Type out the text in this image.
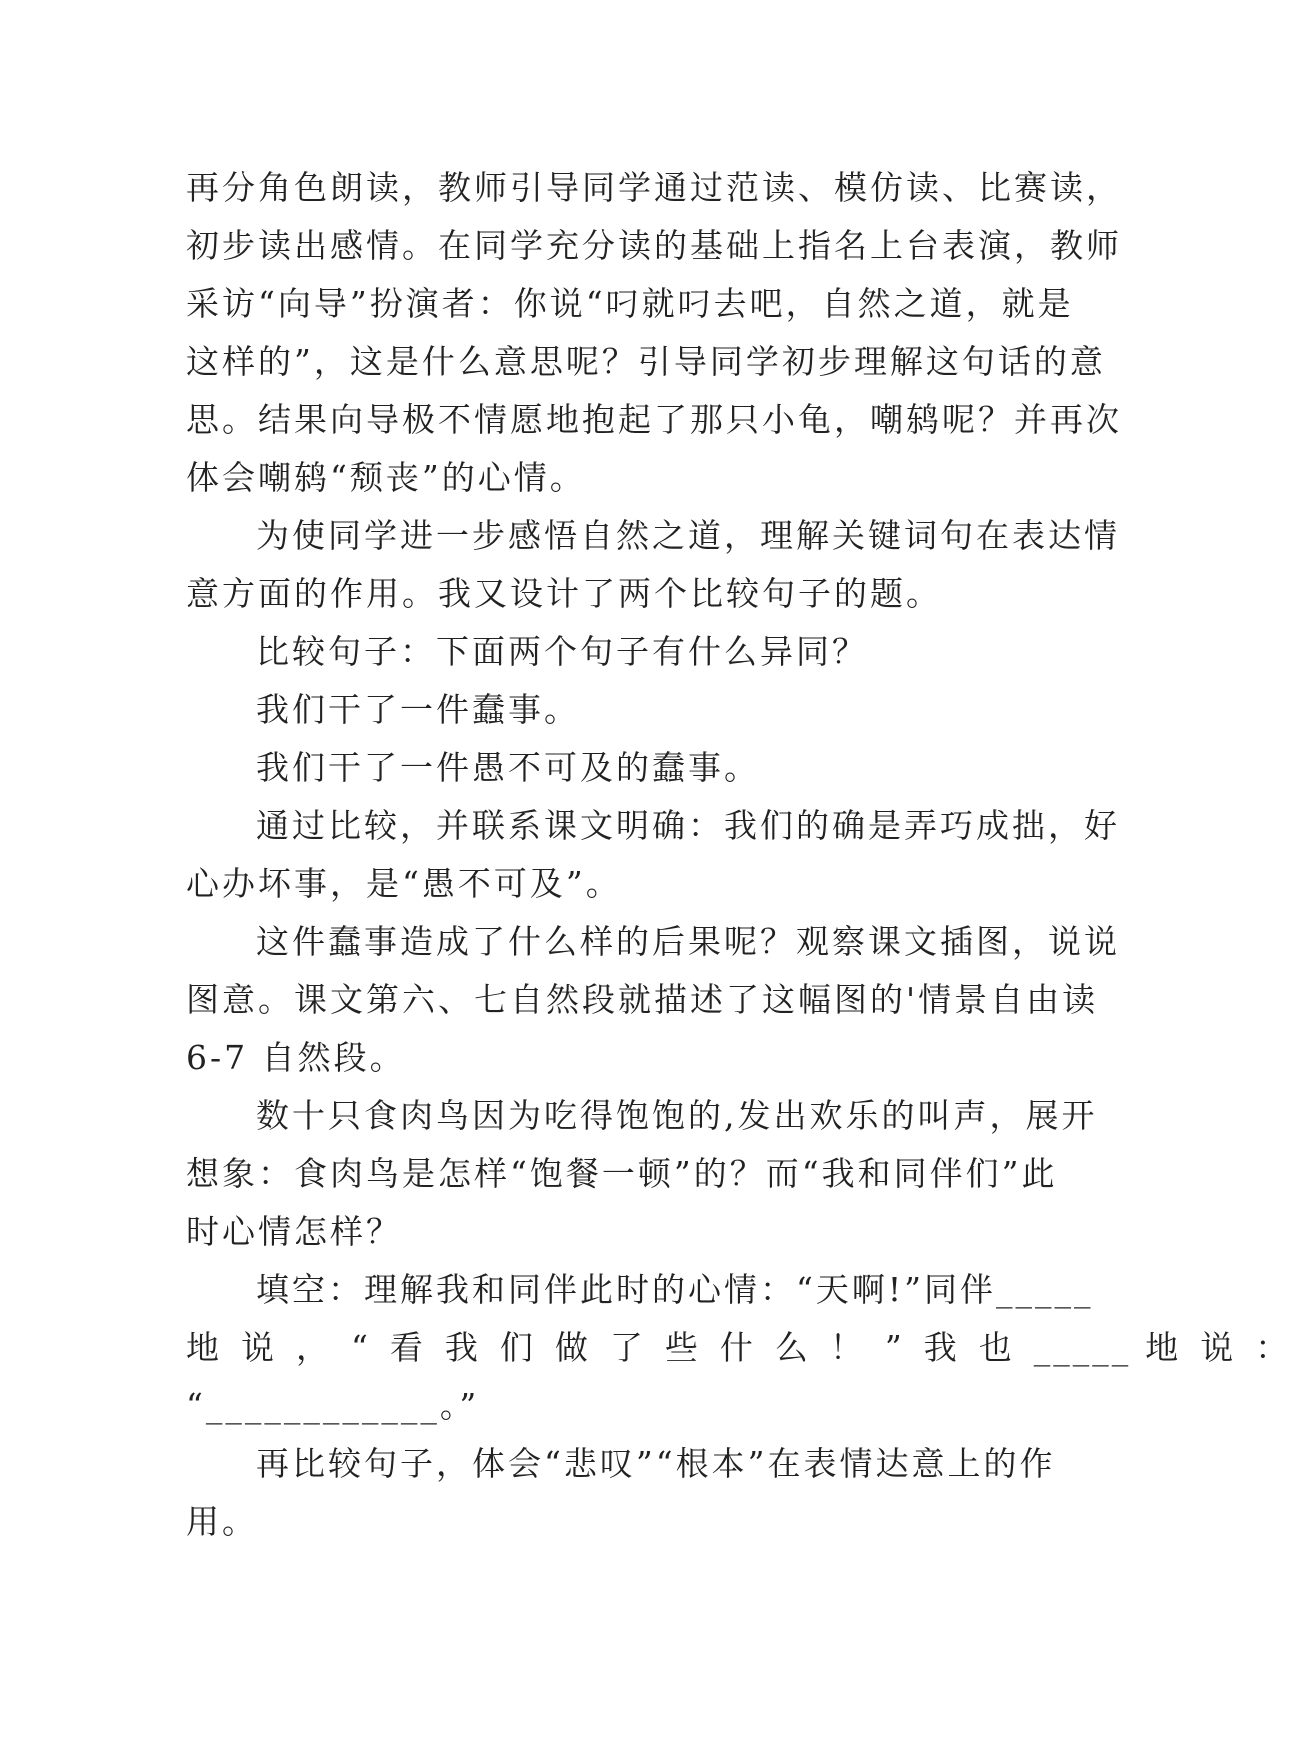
再分角色朗读，教师引导同学通过范读、模仿读、比赛读，
初步读出感情。在同学充分读的基础上指名上台表演，教师
采访“向导”扮演者：你说“叼就叼去吧，自然之道，就是
这样的”，这是什么意思呢？引导同学初步理解这句话的意
思。结果向导极不情愿地抱起了那只小龟，嘲鸫呢？并再次
体会嘲鸫“颓丧”的心情。
为使同学进一步感悟自然之道，理解关键词句在表达情
意方面的作用。我又设计了两个比较句子的题。
比较句子：下面两个句子有什么异同？
我们干了一件蠢事。
我们干了一件愚不可及的蠢事。
通过比较，并联系课文明确：我们的确是弄巧成拙，好
心办坏事，是“愚不可及”。
这件蠢事造成了什么样的后果呢？观察课文插图，说说
图意。课文第六、七自然段就描述了这幅图的'情景自由读
6-7 自然段。
数十只食肉鸟因为吃得饱饱的,发出欢乐的叫声，展开
想象：食肉鸟是怎样“饱餐一顿”的？而“我和同伴们”此
时心情怎样？
填空：理解我和同伴此时的心情：“天啊!”同伴_____
地说，“看我们做了些什么！”我也_____ 地说：
“____________。”
再比较句子，体会“悲叹”“根本”在表情达意上的作
用。
